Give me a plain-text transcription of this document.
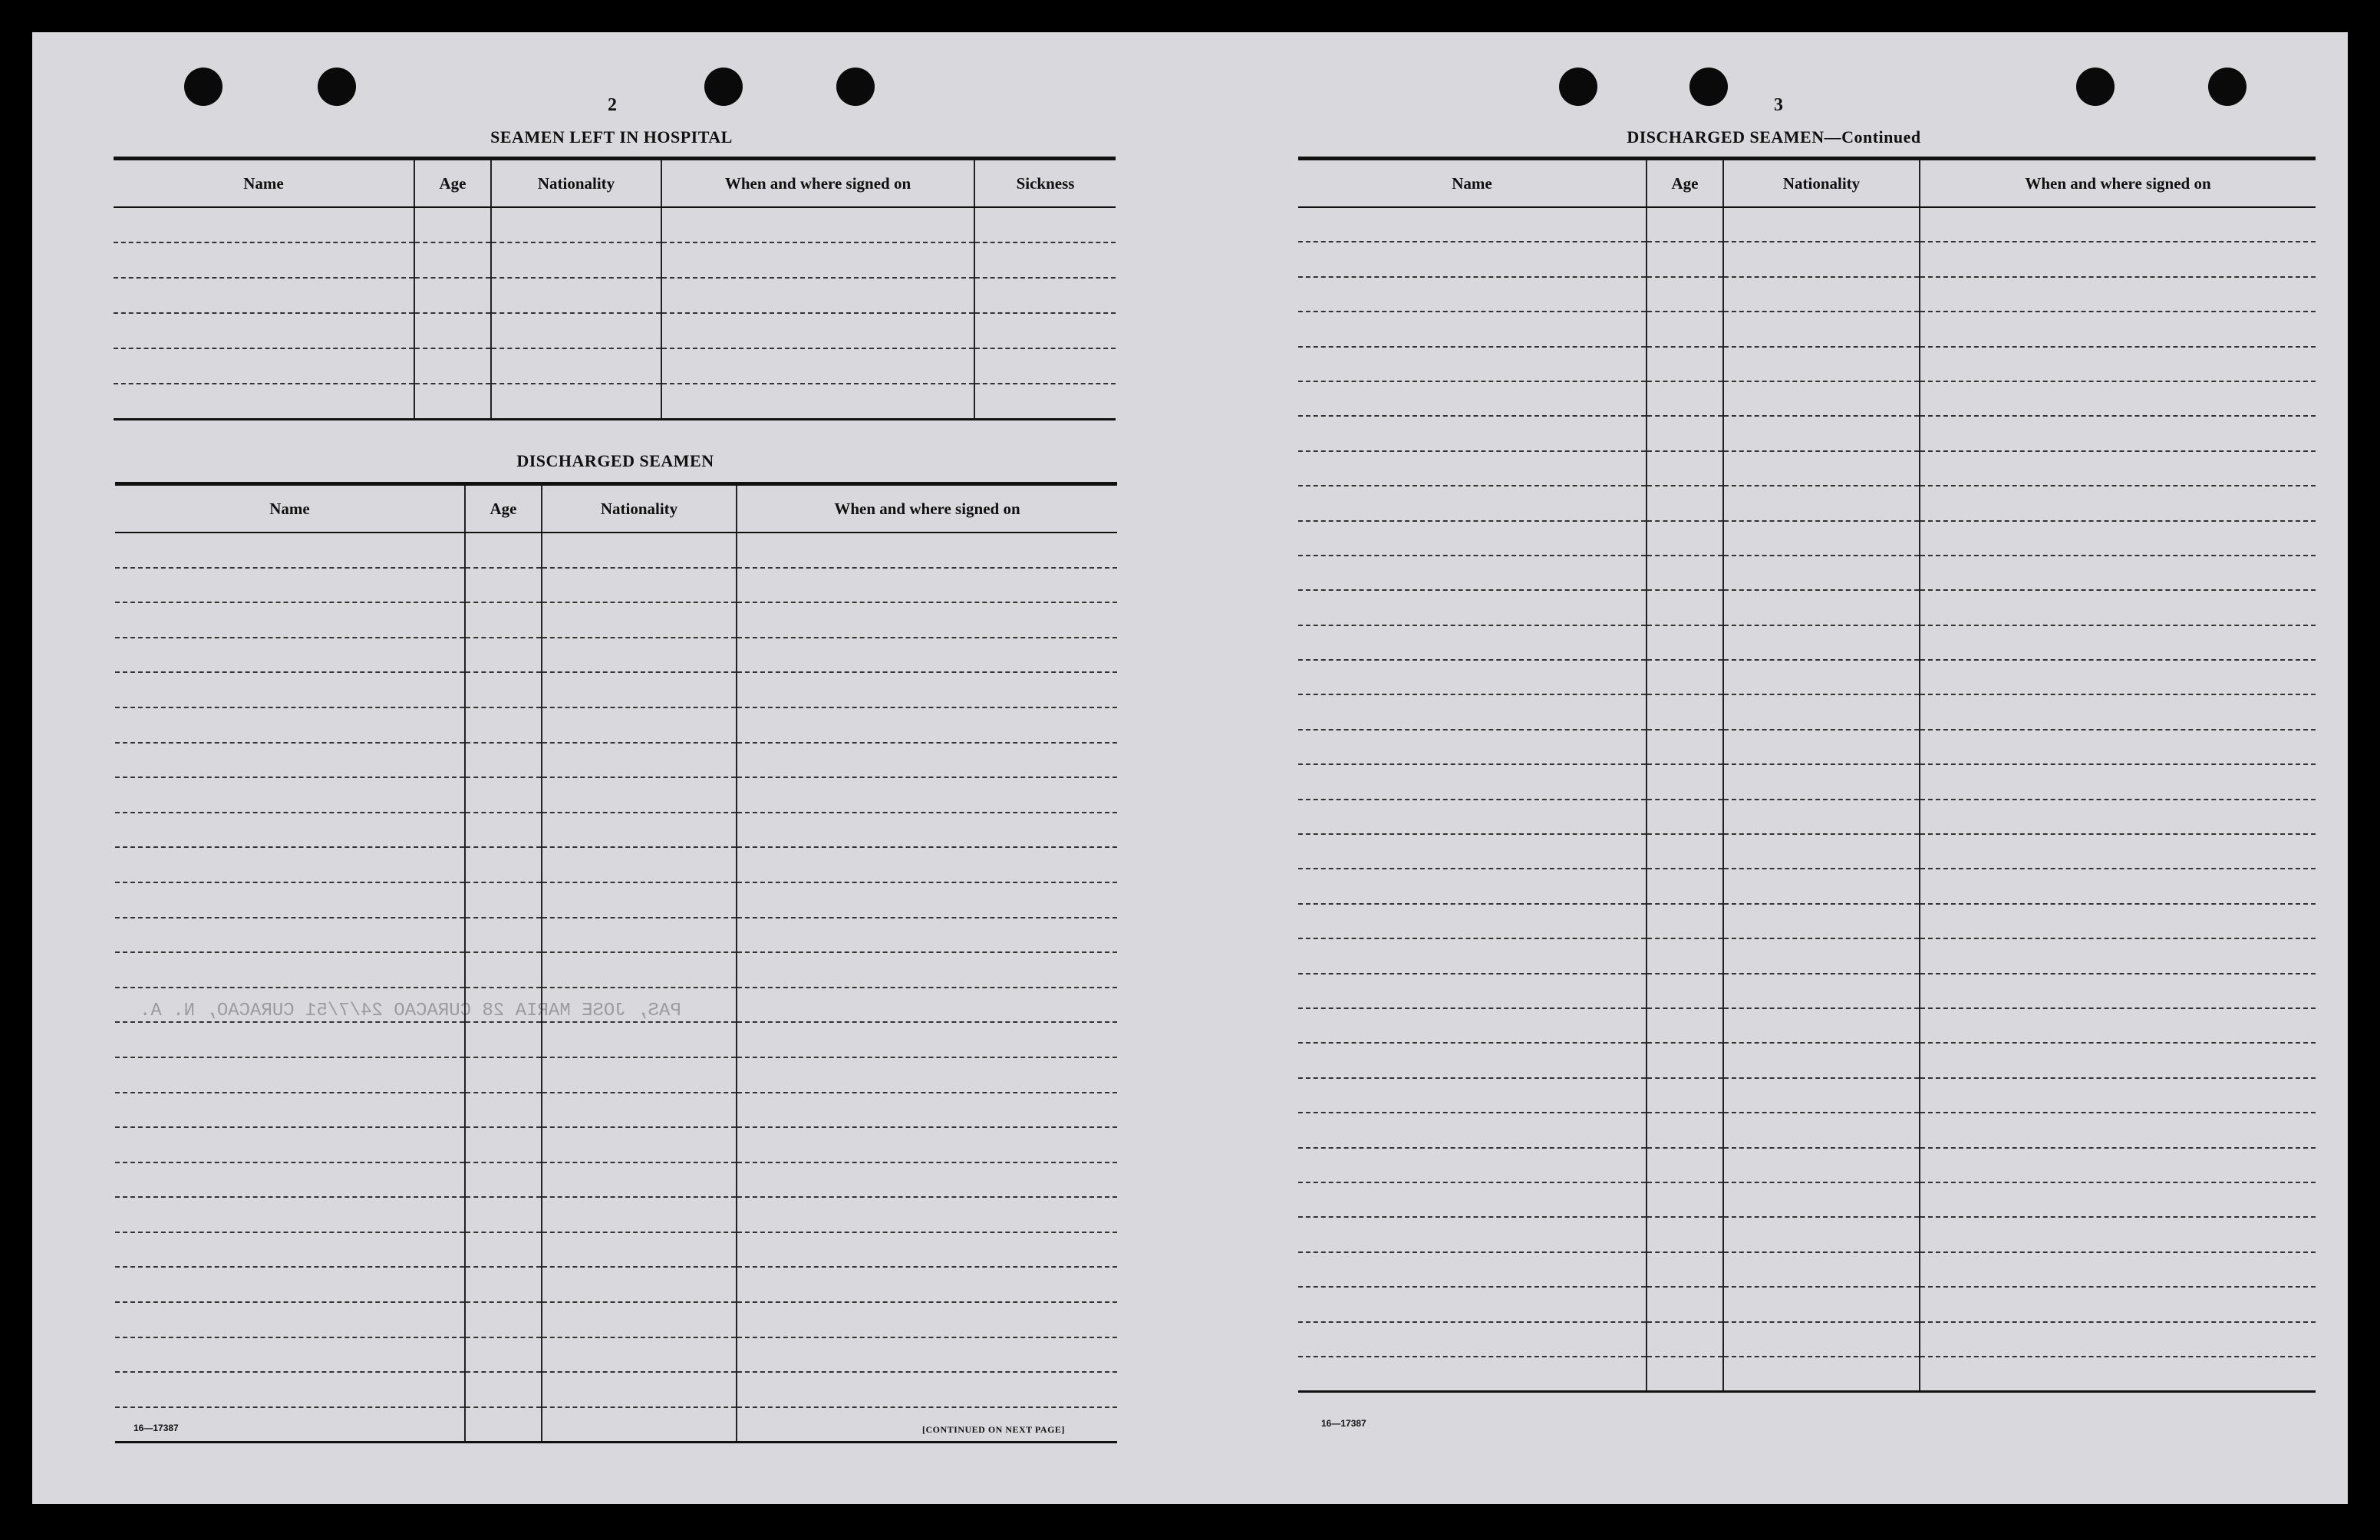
PAS, JOSE MARIA 28 CURACAO 24/7/51 CURACAO, N. A.
2
SEAMEN LEFT IN HOSPITAL
Name	Age	Nationality	When and where signed on	Sickness

DISCHARGED SEAMEN
Name	Age	Nationality	When and where signed on

16—17387	[CONTINUED ON NEXT PAGE]
3
DISCHARGED SEAMEN—Continued
Name	Age	Nationality	When and where signed on

16—17387
